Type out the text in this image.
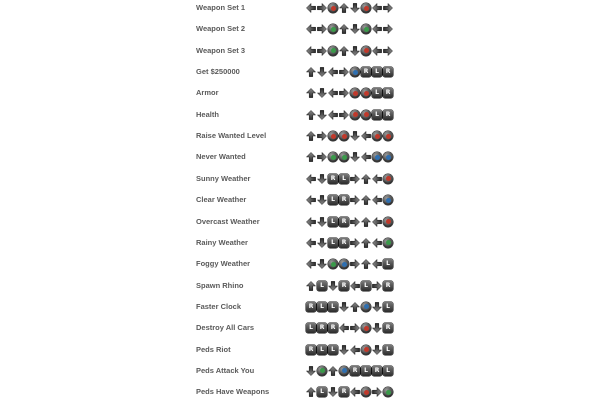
Weapon Set 1
Weapon Set 2
Weapon Set 3
Get $250000	R	L	R
Armor	L	R
Health	L	R
Raise Wanted Level
Never Wanted
Sunny Weather	R	L
Clear Weather	L	R
Overcast Weather	L	R
Rainy Weather	L	R
Foggy Weather	L
Spawn Rhino	L	R	L	R
Faster Clock	R	L	L	L
Destroy All Cars	L	R	R	R
Peds Riot	R	L	L	L
Peds Attack You	R	L	R	L
Peds Have Weapons	L	R
